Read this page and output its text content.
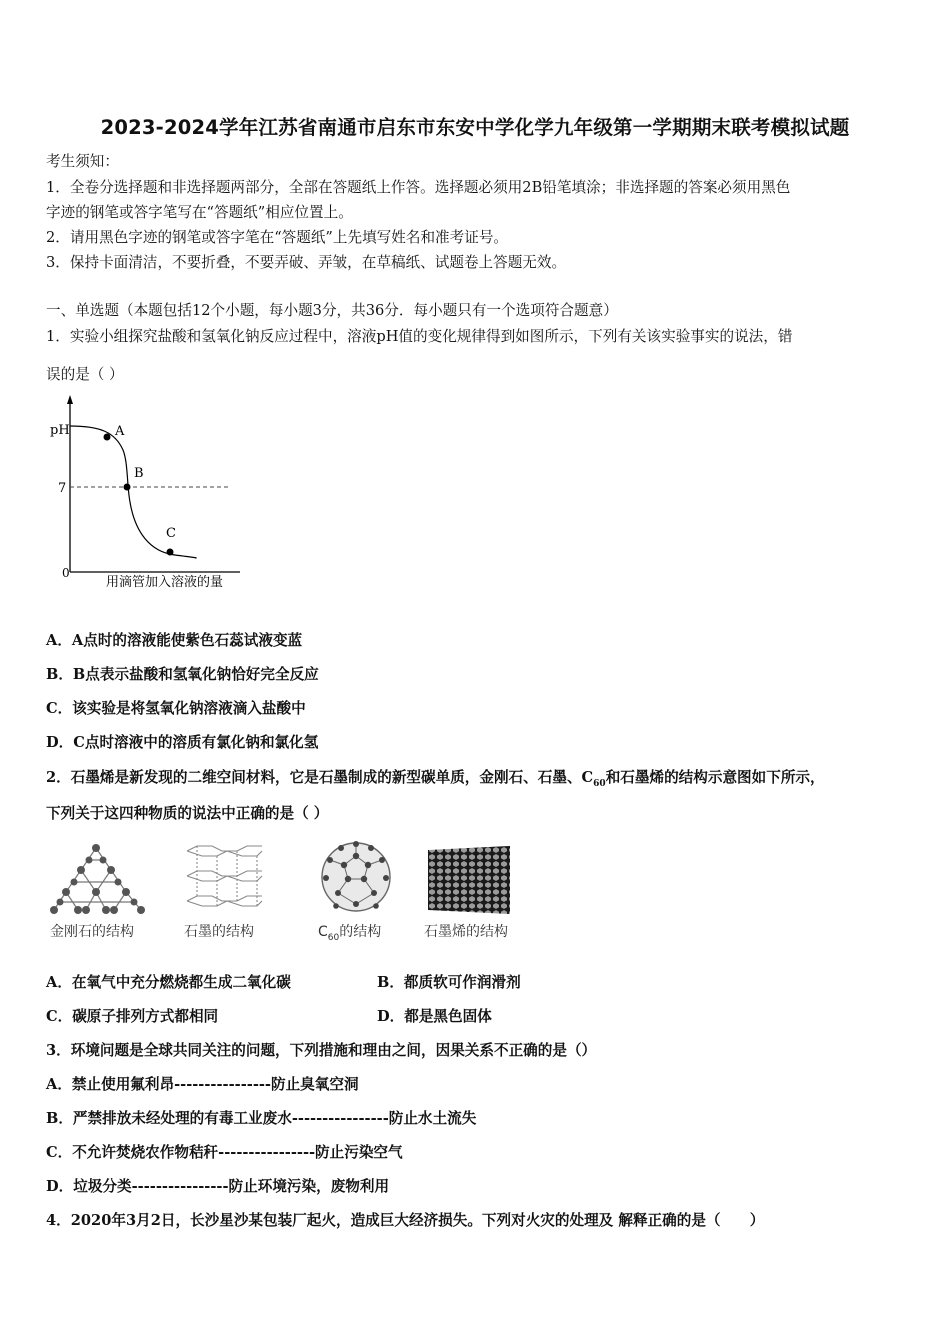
2023-2024学年江苏省南通市启东市东安中学化学九年级第一学期期末联考模拟试题
考生须知：
1．全卷分选择题和非选择题两部分，全部在答题纸上作答。选择题必须用2B铅笔填涂；非选择题的答案必须用黑色
字迹的钢笔或答字笔写在“答题纸”相应位置上。
2．请用黑色字迹的钢笔或答字笔在“答题纸”上先填写姓名和准考证号。
3．保持卡面清洁，不要折叠，不要弄破、弄皱，在草稿纸、试题卷上答题无效。
一、单选题（本题包括12个小题，每小题3分，共36分．每小题只有一个选项符合题意）
1．实验小组探究盐酸和氢氧化钠反应过程中，溶液pH值的变化规律得到如图所示，下列有关该实验事实的说法，错
误的是（ ）
pH
7
0
A
B
C
用滴管加入溶液的量
A．A点时的溶液能使紫色石蕊试液变蓝
B．B点表示盐酸和氢氧化钠恰好完全反应
C．该实验是将氢氧化钠溶液滴入盐酸中
D．C点时溶液中的溶质有氯化钠和氯化氢
2．石墨烯是新发现的二维空间材料，它是石墨制成的新型碳单质，金刚石、石墨、$C_{60}$和石墨烯的结构示意图如下所示，
下列关于这四种物质的说法中正确的是（ ）
金刚石的结构	石墨的结构	$C_{60}$的结构	石墨烯的结构
A．在氧气中充分燃烧都生成二氧化碳	B．都质软可作润滑剂
C．碳原子排列方式都相同	D．都是黑色固体
3．环境问题是全球共同关注的问题，下列措施和理由之间，因果关系不正确的是（）
A．禁止使用氟利昂----------------防止臭氧空洞
B．严禁排放未经处理的有毒工业废水----------------防止水土流失
C．不允许焚烧农作物秸秆----------------防止污染空气
D．垃圾分类----------------防止环境污染，废物利用
4．2020年3月2日，长沙星沙某包装厂起火，造成巨大经济损失。下列对火灾的处理及 解释正确的是（　　）
